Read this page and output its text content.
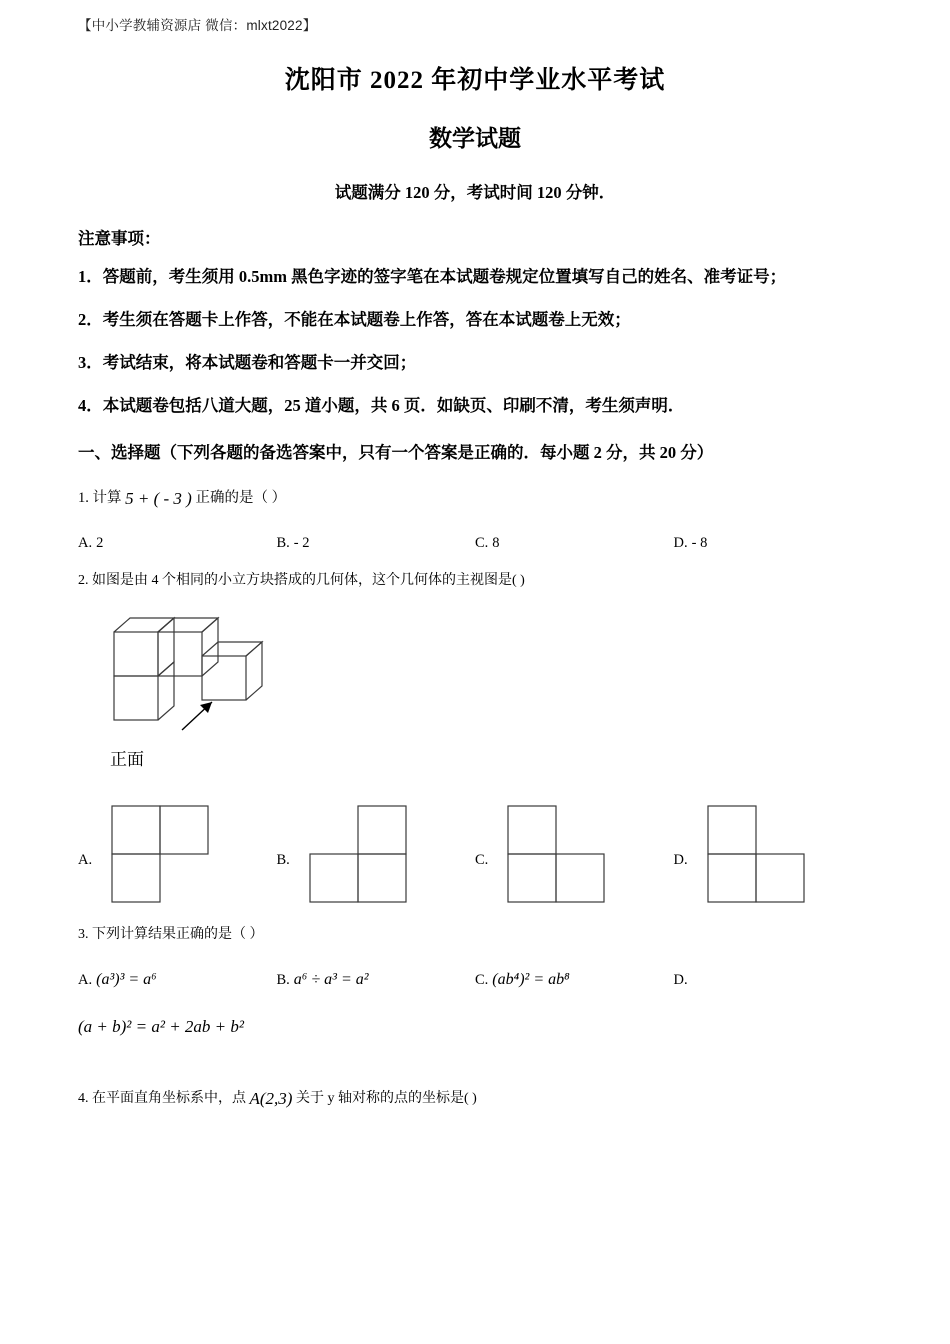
【中小学教辅资源店 微信：mlxt2022】
沈阳市 2022 年初中学业水平考试
数学试题
试题满分 120 分，考试时间 120 分钟．
注意事项：
1．答题前，考生须用 0.5mm 黑色字迹的签字笔在本试题卷规定位置填写自己的姓名、准考证号；
2．考生须在答题卡上作答，不能在本试题卷上作答，答在本试题卷上无效；
3．考试结束，将本试题卷和答题卡一并交回；
4．本试题卷包括八道大题，25 道小题，共 6 页．如缺页、印刷不清，考生须声明．
一、选择题（下列各题的备选答案中，只有一个答案是正确的．每小题 2 分，共 20 分）
1. 计算 5 + ( - 3 ) 正确的是（ ）
A. 2	B. - 2	C. 8	D. - 8
2. 如图是由 4 个相同的小立方块搭成的几何体，这个几何体的主视图是( )
正面
A.	B.	C.	D.
3. 下列计算结果正确的是（ ）
A. (a³)³ = a⁶	B. a⁶ ÷ a³ = a²	C. (ab⁴)² = ab⁸	D.
(a + b)² = a² + 2ab + b²
4. 在平面直角坐标系中，点 A(2,3) 关于 y 轴对称的点的坐标是( )
